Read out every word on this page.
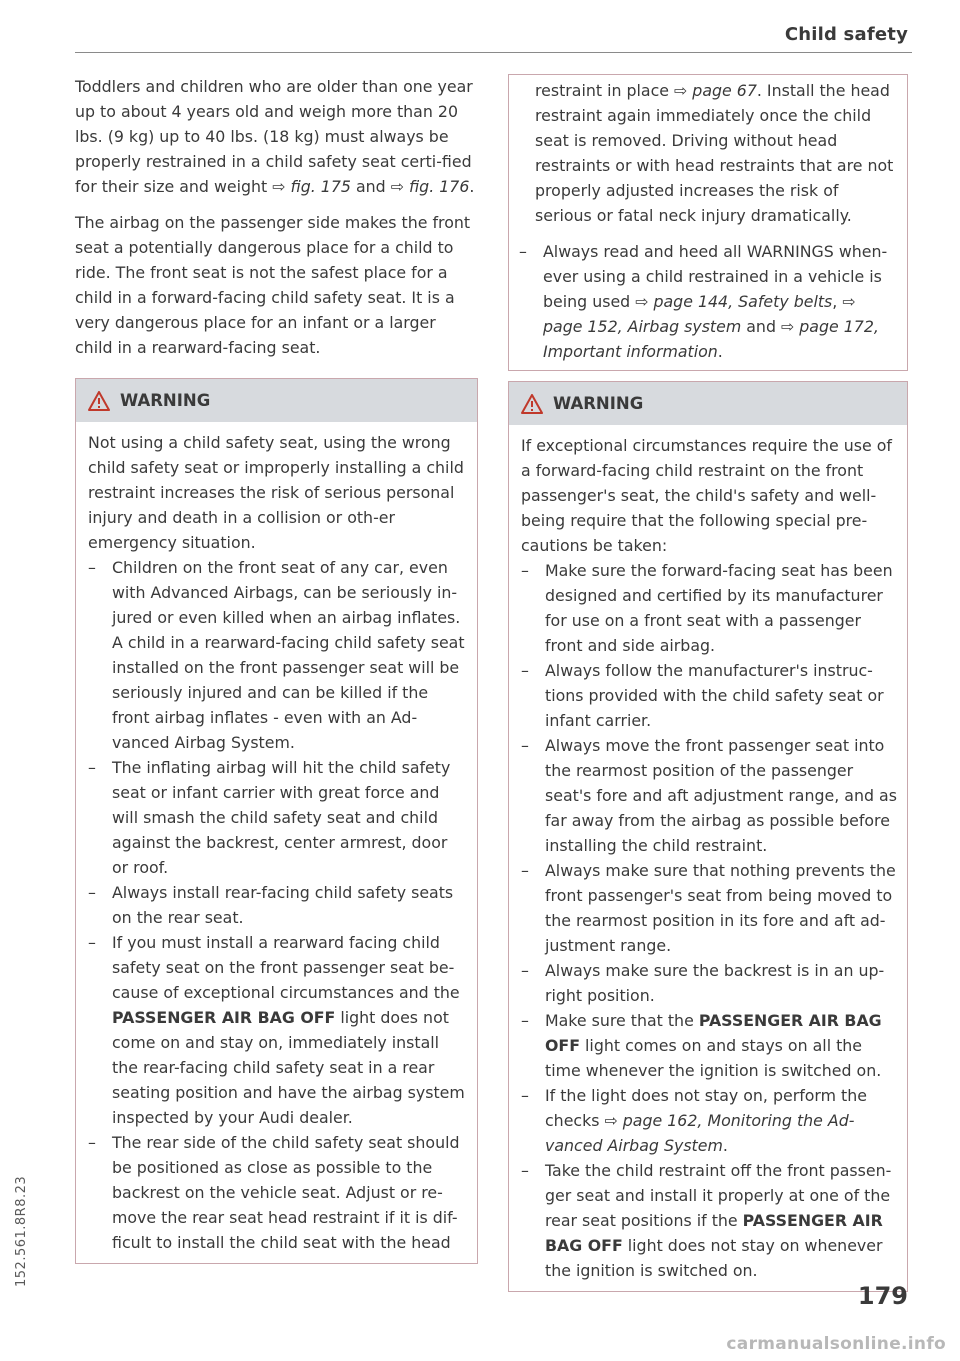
Child safety

Toddlers and children who are older than one year up to about 4 years old and weigh more than 20 lbs. (9 kg) up to 40 lbs. (18 kg) must always be properly restrained in a child safety seat certi-fied for their size and weight ⇨ fig. 175 and ⇨ fig. 176.

The airbag on the passenger side makes the front seat a potentially dangerous place for a child to ride. The front seat is not the safest place for a child in a forward-facing child safety seat. It is a very dangerous place for an infant or a larger child in a rearward-facing seat.

WARNING

Not using a child safety seat, using the wrong child safety seat or improperly installing a child restraint increases the risk of serious personal injury and death in a collision or oth-er emergency situation.

– Children on the front seat of any car, even with Advanced Airbags, can be seriously in-jured or even killed when an airbag inflates. A child in a rearward-facing child safety seat installed on the front passenger seat will be seriously injured and can be killed if the front airbag inflates - even with an Ad-vanced Airbag System.
– The inflating airbag will hit the child safety seat or infant carrier with great force and will smash the child safety seat and child against the backrest, center armrest, door or roof.
– Always install rear-facing child safety seats on the rear seat.
– If you must install a rearward facing child safety seat on the front passenger seat be-cause of exceptional circumstances and the PASSENGER AIR BAG OFF light does not come on and stay on, immediately install the rear-facing child safety seat in a rear seating position and have the airbag system inspected by your Audi dealer.
– The rear side of the child safety seat should be positioned as close as possible to the backrest on the vehicle seat. Adjust or re-move the rear seat head restraint if it is dif-ficult to install the child seat with the head

restraint in place ⇨ page 67. Install the head restraint again immediately once the child seat is removed. Driving without head restraints or with head restraints that are not properly adjusted increases the risk of serious or fatal neck injury dramatically.

– Always read and heed all WARNINGS when-ever using a child restrained in a vehicle is being used ⇨ page 144, Safety belts, ⇨ page 152, Airbag system and ⇨ page 172, Important information.
WARNING

If exceptional circumstances require the use of a forward-facing child restraint on the front passenger's seat, the child's safety and well-being require that the following special pre-cautions be taken:

– Make sure the forward-facing seat has been designed and certified by its manufacturer for use on a front seat with a passenger front and side airbag.
– Always follow the manufacturer's instruc-tions provided with the child safety seat or infant carrier.
– Always move the front passenger seat into the rearmost position of the passenger seat's fore and aft adjustment range, and as far away from the airbag as possible before installing the child restraint.
– Always make sure that nothing prevents the front passenger's seat from being moved to the rearmost position in its fore and aft ad-justment range.
– Always make sure the backrest is in an up-right position.
– Make sure that the PASSENGER AIR BAG OFF light comes on and stays on all the time whenever the ignition is switched on.
– If the light does not stay on, perform the checks ⇨ page 162, Monitoring the Ad-vanced Airbag System.
– Take the child restraint off the front passen-ger seat and install it properly at one of the rear seat positions if the PASSENGER AIR BAG OFF light does not stay on whenever the ignition is switched on.
152.561.8R8.23
179
carmanualsonline.info
